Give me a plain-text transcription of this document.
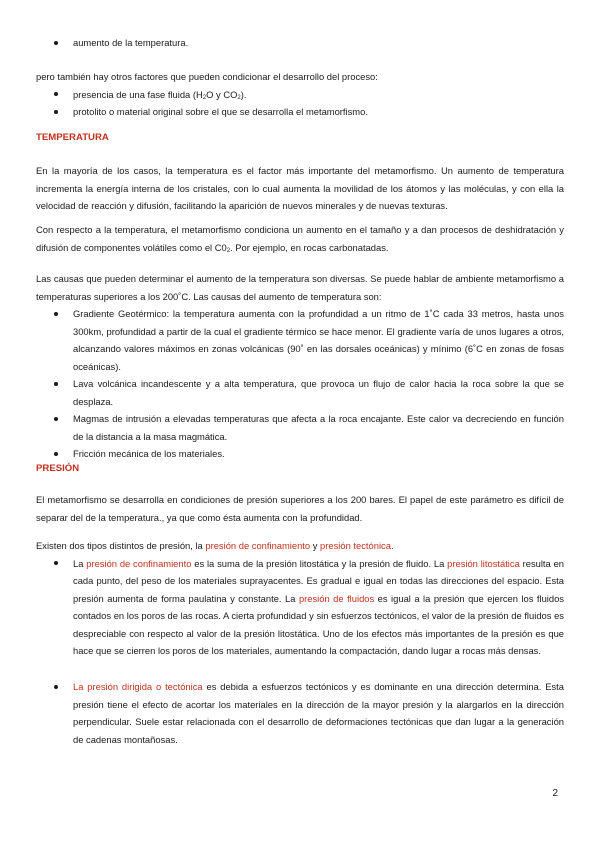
aumento de la temperatura.

pero también hay otros factores que pueden condicionar el desarrollo del proceso:

presencia de una fase fluida ($H_2O$ y $CO_2$).
protolito o material original sobre el que se desarrolla el metamorfismo.

TEMPERATURA

En la mayoría de los casos, la temperatura es el factor más importante del metamorfismo. Un aumento de temperatura incrementa la energía interna de los cristales, con lo cual aumenta la movilidad de los átomos y las moléculas, y con ella la velocidad de reacción y difusión, facilitando la aparición de nuevos minerales y de nuevas texturas.

Con respecto a la temperatura, el metamorfismo condiciona un aumento en el tamaño y a dan procesos de deshidratación y difusión de componentes volátiles como el $C0_2$. Por ejemplo, en rocas carbonatadas.

Las causas que pueden determinar el aumento de la temperatura son diversas. Se puede hablar de ambiente metamorfismo a temperaturas superiores a los 200˚C. Las causas del aumento de temperatura son:

Gradiente Geotérmico: la temperatura aumenta con la profundidad a un ritmo de 1˚C cada 33 metros, hasta unos 300km, profundidad a partir de la cual el gradiente térmico se hace menor. El gradiente varía de unos lugares a otros, alcanzando valores máximos en zonas volcánicas (90˚ en las dorsales oceánicas) y mínimo (6˚C en zonas de fosas oceánicas).
Lava volcánica incandescente y a alta temperatura, que provoca un flujo de calor hacia la roca sobre la que se desplaza.
Magmas de intrusión a elevadas temperaturas que afecta a la roca encajante. Este calor va decreciendo en función de la distancia a la masa magmática.
Fricción mecánica de los materiales.

PRESIÓN

El metamorfismo se desarrolla en condiciones de presión superiores a los 200 bares. El papel de este parámetro es difícil de separar del de la temperatura., ya que como ésta aumenta con la profundidad.

Existen dos tipos distintos de presión, la presión de confinamiento y presión tectónica.

La presión de confinamiento es la suma de la presión litostática y la presión de fluido. La presión litostática resulta en cada punto, del peso de los materiales suprayacentes. Es gradual e igual en todas las direcciones del espacio. Esta presión aumenta de forma paulatina y constante. La presión de fluidos es igual a la presión que ejercen los fluidos contados en los poros de las rocas. A cierta profundidad y sin esfuerzos tectónicos, el valor de la presión de fluidos es despreciable con respecto al valor de la presión litostática. Uno de los efectos más importantes de la presión es que hace que se cierren los poros de los materiales, aumentando la compactación, dando lugar a rocas más densas.
La presión dirigida o tectónica es debida a esfuerzos tectónicos y es dominante en una dirección determina. Esta presión tiene el efecto de acortar los materiales en la dirección de la mayor presión y la alargarlos en la dirección perpendicular. Suele estar relacionada con el desarrollo de deformaciones tectónicas que dan lugar a la generación de cadenas montañosas.
2
